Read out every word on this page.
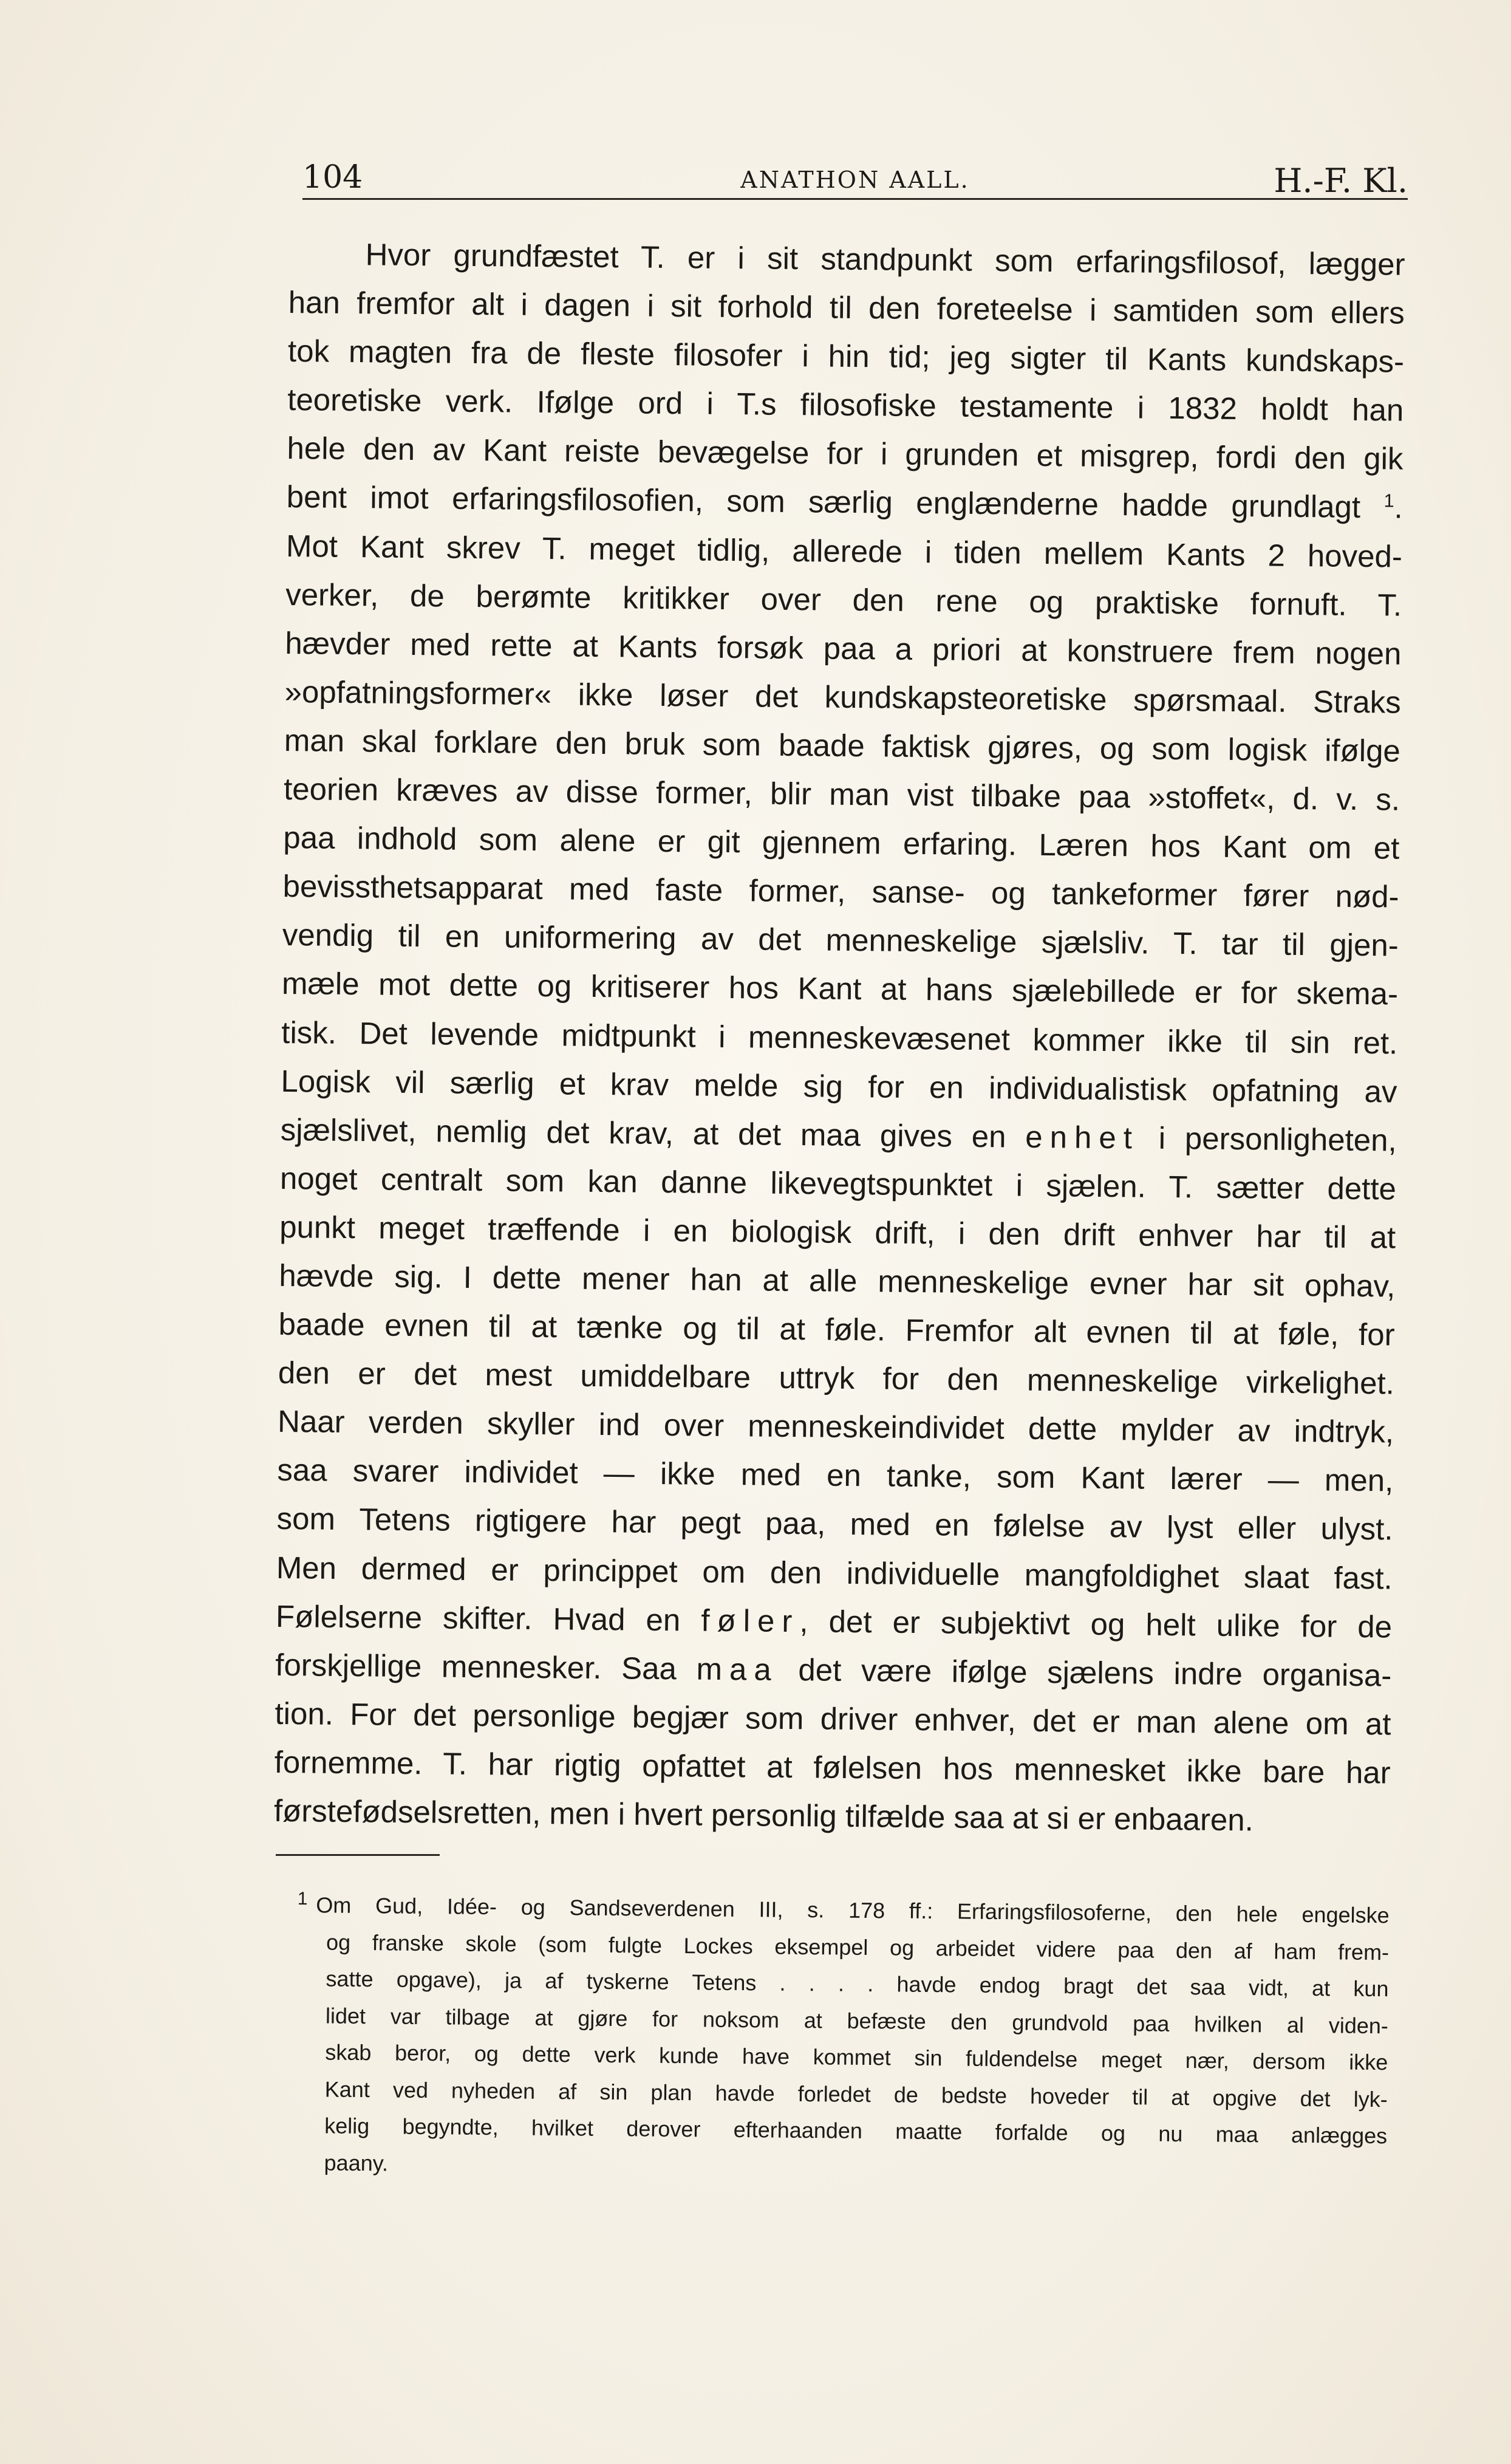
104	ANATHON AALL.	H.-F. Kl.
Hvor grundfæstet T. er i sit standpunkt som erfaringsfilosof, lægger
han fremfor alt i dagen i sit forhold til den foreteelse i samtiden som ellers
tok magten fra de fleste filosofer i hin tid; jeg sigter til Kants kundskaps-
teoretiske verk. Ifølge ord i T.s filosofiske testamente i 1832 holdt han
hele den av Kant reiste bevægelse for i grunden et misgrep, fordi den gik
bent imot erfaringsfilosofien, som særlig englænderne hadde grundlagt $^1$.
Mot Kant skrev T. meget tidlig, allerede i tiden mellem Kants 2 hoved-
verker, de berømte kritikker over den rene og praktiske fornuft. T.
hævder med rette at Kants forsøk paa a priori at konstruere frem nogen
»opfatningsformer« ikke løser det kundskapsteoretiske spørsmaal. Straks
man skal forklare den bruk som baade faktisk gjøres, og som logisk ifølge
teorien kræves av disse former, blir man vist tilbake paa »stoffet«, d. v. s.
paa indhold som alene er git gjennem erfaring. Læren hos Kant om et
bevissthetsapparat med faste former, sanse- og tankeformer fører nød-
vendig til en uniformering av det menneskelige sjælsliv. T. tar til gjen-
mæle mot dette og kritiserer hos Kant at hans sjælebillede er for skema-
tisk. Det levende midtpunkt i menneskevæsenet kommer ikke til sin ret.
Logisk vil særlig et krav melde sig for en individualistisk opfatning av
sjælslivet, nemlig det krav, at det maa gives en enhet i personligheten,
noget centralt som kan danne likevegtspunktet i sjælen. T. sætter dette
punkt meget træffende i en biologisk drift, i den drift enhver har til at
hævde sig. I dette mener han at alle menneskelige evner har sit ophav,
baade evnen til at tænke og til at føle. Fremfor alt evnen til at føle, for
den er det mest umiddelbare uttryk for den menneskelige virkelighet.
Naar verden skyller ind over menneskeindividet dette mylder av indtryk,
saa svarer individet — ikke med en tanke, som Kant lærer — men,
som Tetens rigtigere har pegt paa, med en følelse av lyst eller ulyst.
Men dermed er princippet om den individuelle mangfoldighet slaat fast.
Følelserne skifter. Hvad en føler, det er subjektivt og helt ulike for de
forskjellige mennesker. Saa maa det være ifølge sjælens indre organisa-
tion. For det personlige begjær som driver enhver, det er man alene om at
fornemme. T. har rigtig opfattet at følelsen hos mennesket ikke bare har
førstefødselsretten, men i hvert personlig tilfælde saa at si er enbaaren.
$^1$ Om Gud, Idée- og Sandseverdenen III, s. 178 ff.: Erfaringsfilosoferne, den hele engelske
og franske skole (som fulgte Lockes eksempel og arbeidet videre paa den af ham frem-
satte opgave), ja af tyskerne Tetens . . . . havde endog bragt det saa vidt, at kun
lidet var tilbage at gjøre for noksom at befæste den grundvold paa hvilken al viden-
skab beror, og dette verk kunde have kommet sin fuldendelse meget nær, dersom ikke
Kant ved nyheden af sin plan havde forledet de bedste hoveder til at opgive det lyk-
kelig begyndte, hvilket derover efterhaanden maatte forfalde og nu maa anlægges
paany.
